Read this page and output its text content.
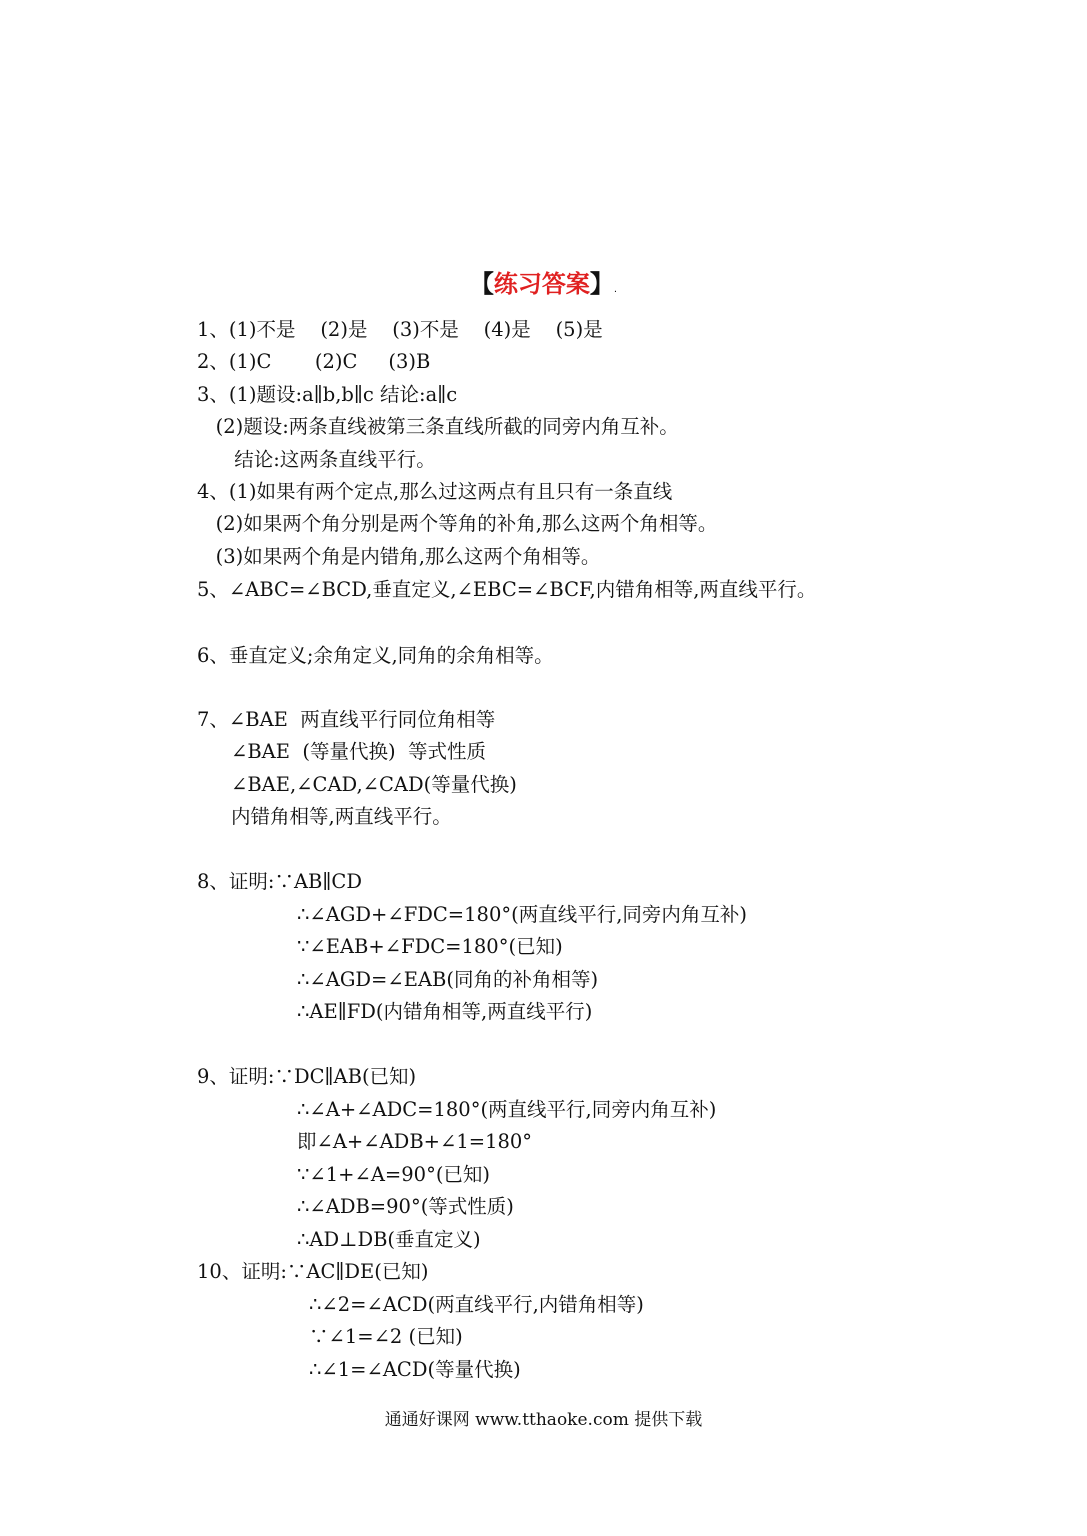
【练习答案】.
1、(1)不是    (2)是    (3)不是    (4)是    (5)是
2、(1)C       (2)C     (3)B
3、(1)题设:a∥b,b∥c 结论:a∥c
(2)题设:两条直线被第三条直线所截的同旁内角互补。
结论:这两条直线平行。
4、(1)如果有两个定点,那么过这两点有且只有一条直线
(2)如果两个角分别是两个等角的补角,那么这两个角相等。
(3)如果两个角是内错角,那么这两个角相等。
5、∠ABC=∠BCD,垂直定义,∠EBC=∠BCF,内错角相等,两直线平行。
6、垂直定义;余角定义,同角的余角相等。
7、∠BAE  两直线平行同位角相等
∠BAE  (等量代换)  等式性质
∠BAE,∠CAD,∠CAD(等量代换)
内错角相等,两直线平行。
8、证明:∵AB∥CD
∴∠AGD+∠FDC=180°(两直线平行,同旁内角互补)
∵∠EAB+∠FDC=180°(已知)
∴∠AGD=∠EAB(同角的补角相等)
∴AE∥FD(内错角相等,两直线平行)
9、证明:∵DC∥AB(已知)
∴∠A+∠ADC=180°(两直线平行,同旁内角互补)
即∠A+∠ADB+∠1=180°
∵∠1+∠A=90°(已知)
∴∠ADB=90°(等式性质)
∴AD⊥DB(垂直定义)
10、证明:∵AC∥DE(已知)
∴∠2=∠ACD(两直线平行,内错角相等)
∵∠1=∠2 (已知)
∴∠1=∠ACD(等量代换)
通通好课网 www.tthaoke.com 提供下载
